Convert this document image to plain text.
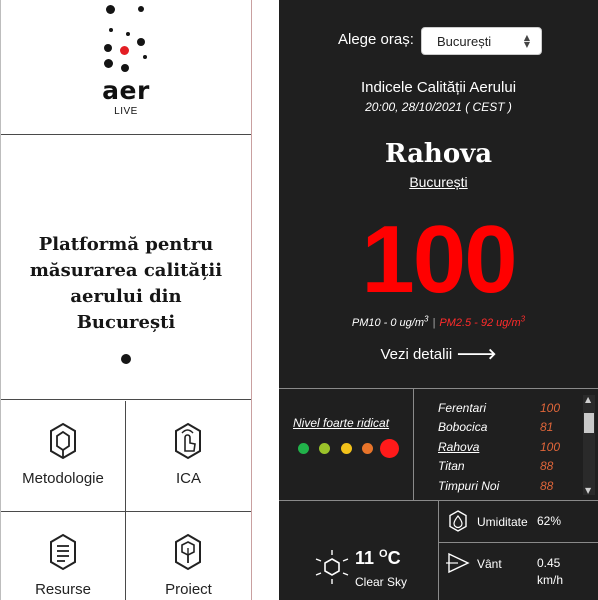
aer
LIVE
Platformă pentru măsurarea calității aerului din București
Metodologie	ICA
Resurse	Proiect
Alege oraș: București	▲
▼
Indicele Calității Aerului
20:00, 28/10/2021 ( CEST )
Rahova
București
100
PM10 - 0 $ug/m^3$ | PM2.5 - 92 $ug/m^3$
Vezi detalii 🡒
Nivel foarte ridicat
Ferentari	100
Bobocica	81
Rahova	100
Titan	88
Timpuri Noi	88
▲
▼
11 $^O$C
Clear Sky
Umiditate 62%
Vânt	0.45
km/h
